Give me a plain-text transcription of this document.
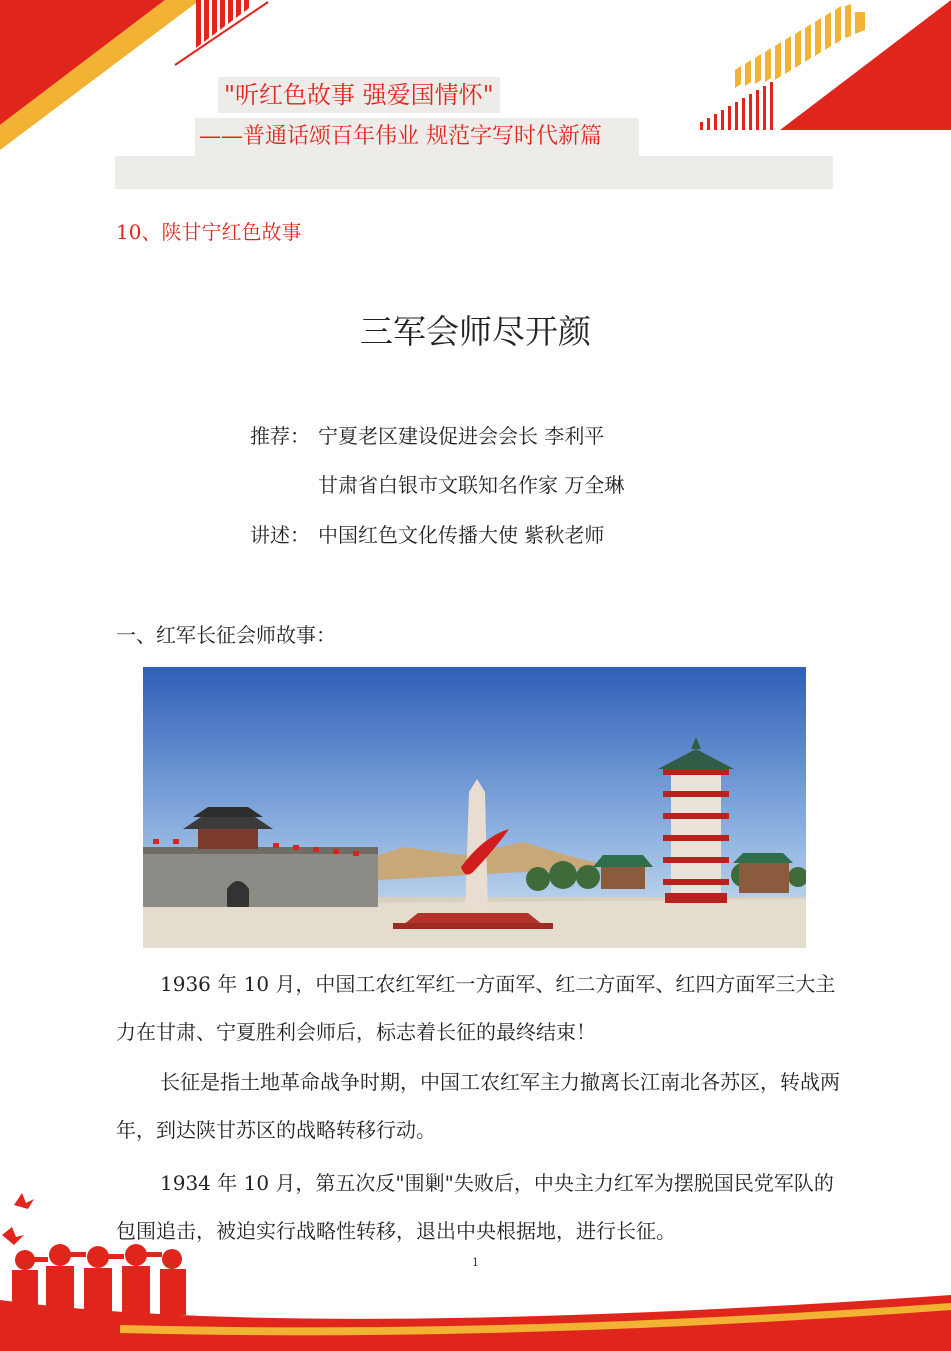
——普通话颂百年伟业 规范字写时代新篇
"听红色故事 强爱国情怀"
10、陕甘宁红色故事
三军会师尽开颜
推荐： 宁夏老区建设促进会会长 李利平
甘肃省白银市文联知名作家 万全琳
讲述： 中国红色文化传播大使 紫秋老师
一、红军长征会师故事：
1936 年 10 月，中国工农红军红一方面军、红二方面军、红四方面军三大主力在甘肃、宁夏胜利会师后，标志着长征的最终结束！
长征是指土地革命战争时期，中国工农红军主力撤离长江南北各苏区，转战两年，到达陕甘苏区的战略转移行动。
1934 年 10 月，第五次反"围剿"失败后，中央主力红军为摆脱国民党军队的包围追击，被迫实行战略性转移，退出中央根据地，进行长征。
1
